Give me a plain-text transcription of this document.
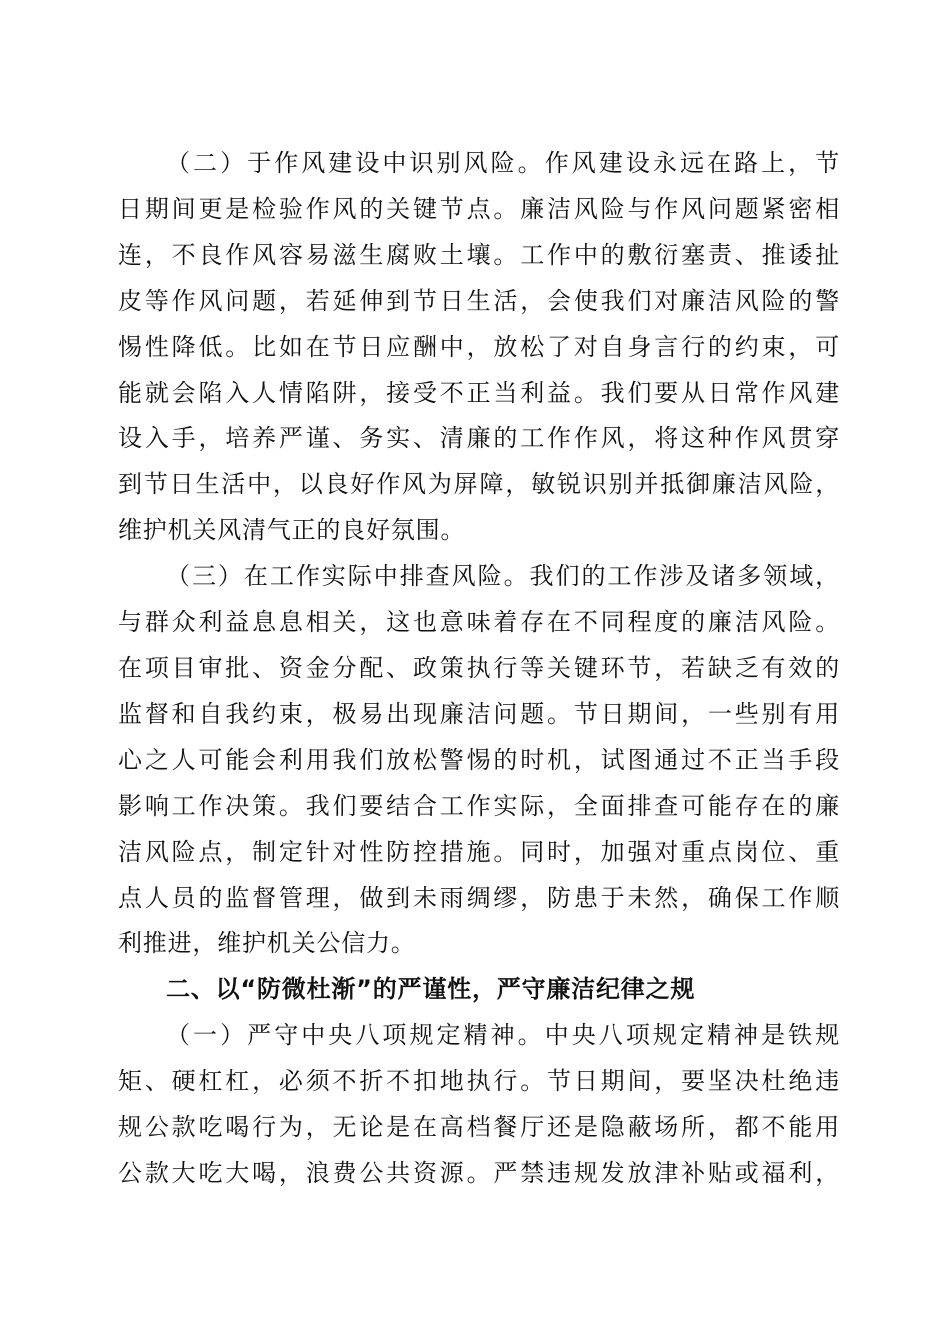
（二）于作风建设中识别风险。作风建设永远在路上，节
日期间更是检验作风的关键节点。廉洁风险与作风问题紧密相
连，不良作风容易滋生腐败土壤。工作中的敷衍塞责、推诿扯
皮等作风问题，若延伸到节日生活，会使我们对廉洁风险的警
惕性降低。比如在节日应酬中，放松了对自身言行的约束，可
能就会陷入人情陷阱，接受不正当利益。我们要从日常作风建
设入手，培养严谨、务实、清廉的工作作风，将这种作风贯穿
到节日生活中，以良好作风为屏障，敏锐识别并抵御廉洁风险，
维护机关风清气正的良好氛围。
（三）在工作实际中排查风险。我们的工作涉及诸多领域，
与群众利益息息相关，这也意味着存在不同程度的廉洁风险。
在项目审批、资金分配、政策执行等关键环节，若缺乏有效的
监督和自我约束，极易出现廉洁问题。节日期间，一些别有用
心之人可能会利用我们放松警惕的时机，试图通过不正当手段
影响工作决策。我们要结合工作实际，全面排查可能存在的廉
洁风险点，制定针对性防控措施。同时，加强对重点岗位、重
点人员的监督管理，做到未雨绸缪，防患于未然，确保工作顺
利推进，维护机关公信力。
二、以“防微杜渐”的严谨性，严守廉洁纪律之规
（一）严守中央八项规定精神。中央八项规定精神是铁规
矩、硬杠杠，必须不折不扣地执行。节日期间，要坚决杜绝违
规公款吃喝行为，无论是在高档餐厅还是隐蔽场所，都不能用
公款大吃大喝，浪费公共资源。严禁违规发放津补贴或福利，
